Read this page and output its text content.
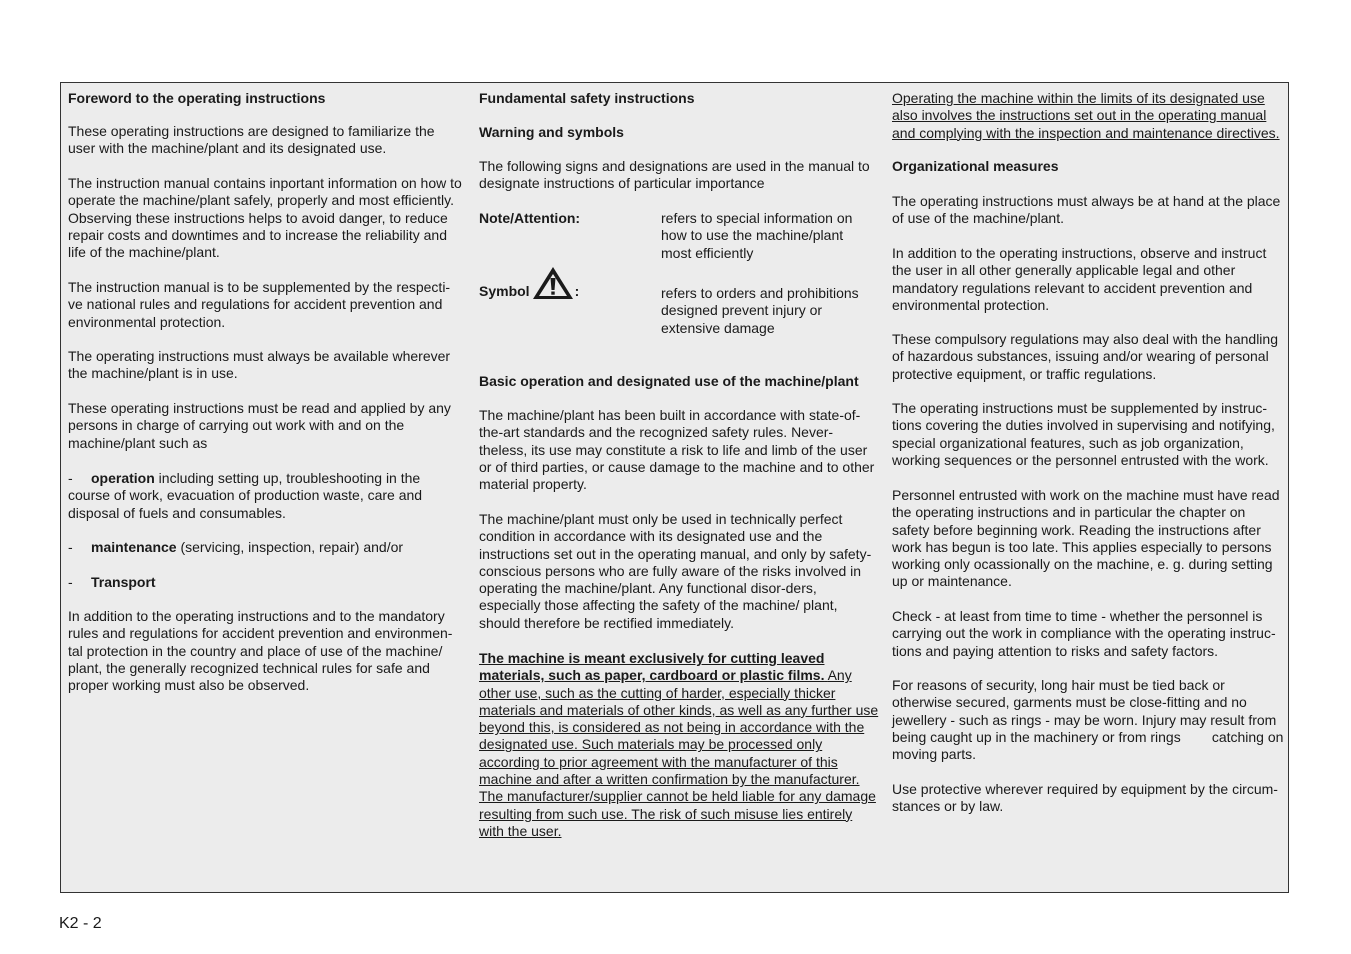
Foreword to the operating instructions

These operating instructions are designed to familiarize the user with the machine/plant and its designated use.

The instruction manual contains inportant information on how to operate the machine/plant safely, properly and most efficiently. Observing these instructions helps to avoid danger, to reduce repair costs and downtimes and to increase the reliability and life of the machine/plant.

The instruction manual is to be supplemented by the respecti-ve national rules and regulations for accident prevention and environmental protection.

The operating instructions must always be available wherever the machine/plant is in use.

These operating instructions must be read and applied by any persons in charge of carrying out work with and on the machine/plant such as

- operation including setting up, troubleshooting in the course of work, evacuation of production waste, care and disposal of fuels and consumables.

- maintenance (servicing, inspection, repair) and/or

- Transport

In addition to the operating instructions and to the mandatory rules and regulations for accident prevention and environmen-tal protection in the country and place of use of the machine/ plant, the generally recognized technical rules for safe and proper working must also be observed.

Fundamental safety instructions

Warning and symbols

The following signs and designations are used in the manual to designate instructions of particular importance

Note/Attention:	refers to special information on how to use the machine/plant most efficiently
Symbol	:	refers to orders and prohibitions designed prevent injury or extensive damage

Basic operation and designated use of the machine/plant

The machine/plant has been built in accordance with state-of-the-art standards and the recognized safety rules. Never-theless, its use may constitute a risk to life and limb of the user or of third parties, or cause damage to the machine and to other material property.

The machine/plant must only be used in technically perfect condition in accordance with its designated use and the instructions set out in the operating manual, and only by safety-conscious persons who are fully aware of the risks involved in operating the machine/plant. Any functional disor-ders, especially those affecting the safety of the machine/ plant, should therefore be rectified immediately.

The machine is meant exclusively for cutting leaved materials, such as paper, cardboard or plastic films. Any other use, such as the cutting of harder, especially thicker materials and materials of other kinds, as well as any further use beyond this, is considered as not being in accordance with the designated use. Such materials may be processed only according to prior agreement with the manufacturer of this machine and after a written confirmation by the manufacturer. The manufacturer/supplier cannot be held liable for any damage resulting from such use. The risk of such misuse lies entirely with the user.

Operating the machine within the limits of its designated use also involves the instructions set out in the operating manual and complying with the inspection and maintenance directives.

Organizational measures

The operating instructions must always be at hand at the place of use of the machine/plant.

In addition to the operating instructions, observe and instruct the user in all other generally applicable legal and other mandatory regulations relevant to accident prevention and environmental protection.

These compulsory regulations may also deal with the handling of hazardous substances, issuing and/or wearing of personal protective equipment, or traffic regulations.

The operating instructions must be supplemented by instruc-tions covering the duties involved in supervising and notifying, special organizational features, such as job organization, working sequences or the personnel entrusted with the work.

Personnel entrusted with work on the machine must have read the operating instructions and in particular the chapter on safety before beginning work. Reading the instructions after work has begun is too late. This applies especially to persons working only ocassionally on the machine, e. g. during setting up or maintenance.

Check - at least from time to time - whether the personnel is carrying out the work in compliance with the operating instruc-tions and paying attention to risks and safety factors.

For reasons of security, long hair must be tied back or otherwise secured, garments must be close-fitting and no jewellery - such as rings - may be worn. Injury may result from being caught up in the machinery or from rings        catching on moving parts.

Use protective wherever required by equipment by the circum-stances or by law.

K2 - 2
